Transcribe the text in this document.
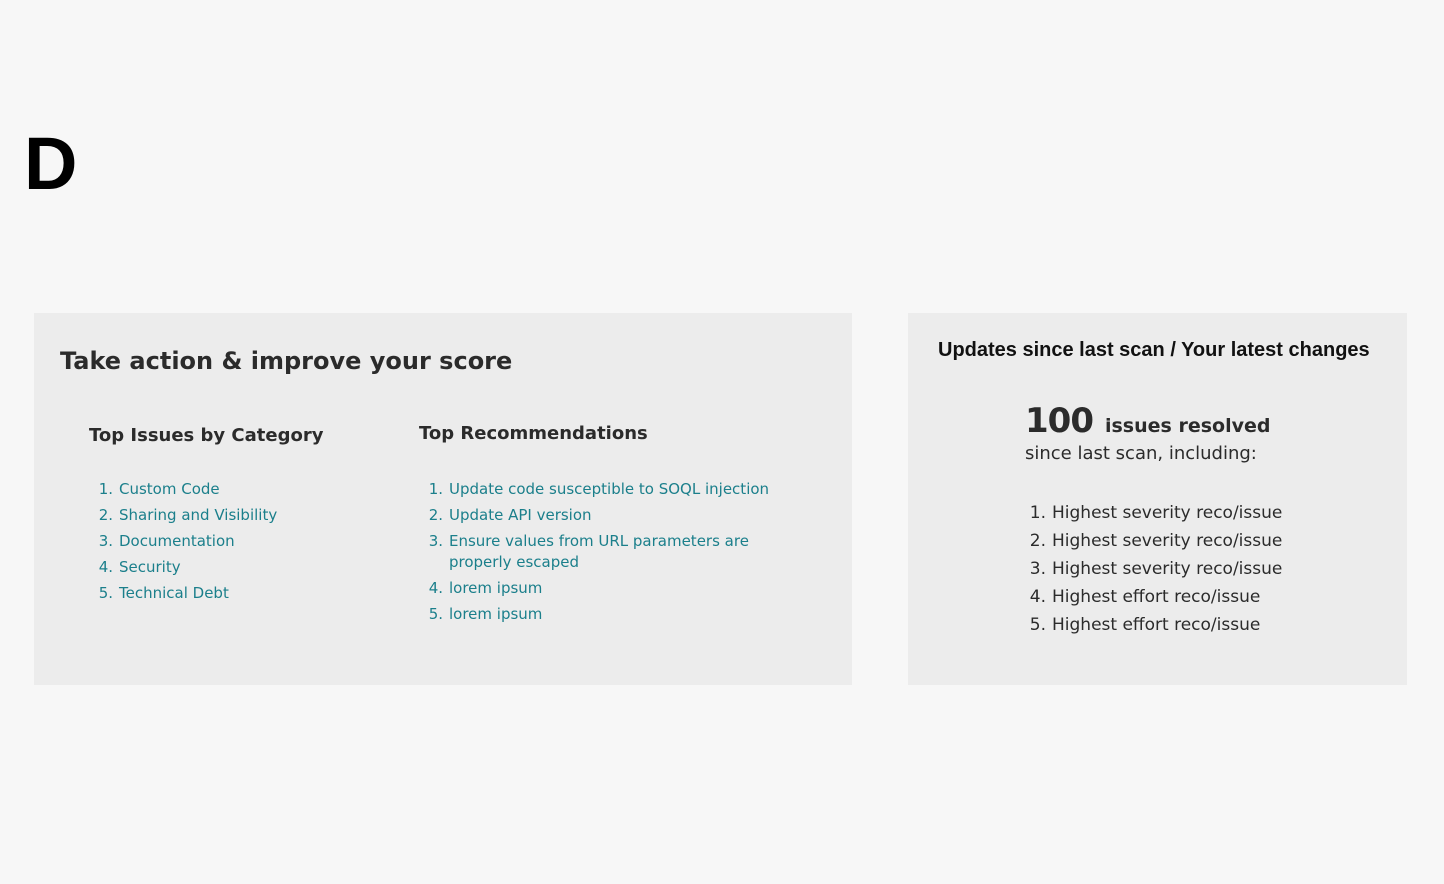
D
Take action & improve your score
Top Issues by Category
1. Custom Code
2. Sharing and Visibility
3. Documentation
4. Security
5. Technical Debt
Top Recommendations
1. Update code susceptible to SOQL injection
2. Update API version
3. Ensure values from URL parameters are properly escaped
4. lorem ipsum
5. lorem ipsum
Updates since last scan / Your latest changes
100 issues resolved
since last scan, including:
1. Highest severity reco/issue
2. Highest severity reco/issue
3. Highest severity reco/issue
4. Highest effort reco/issue
5. Highest effort reco/issue
